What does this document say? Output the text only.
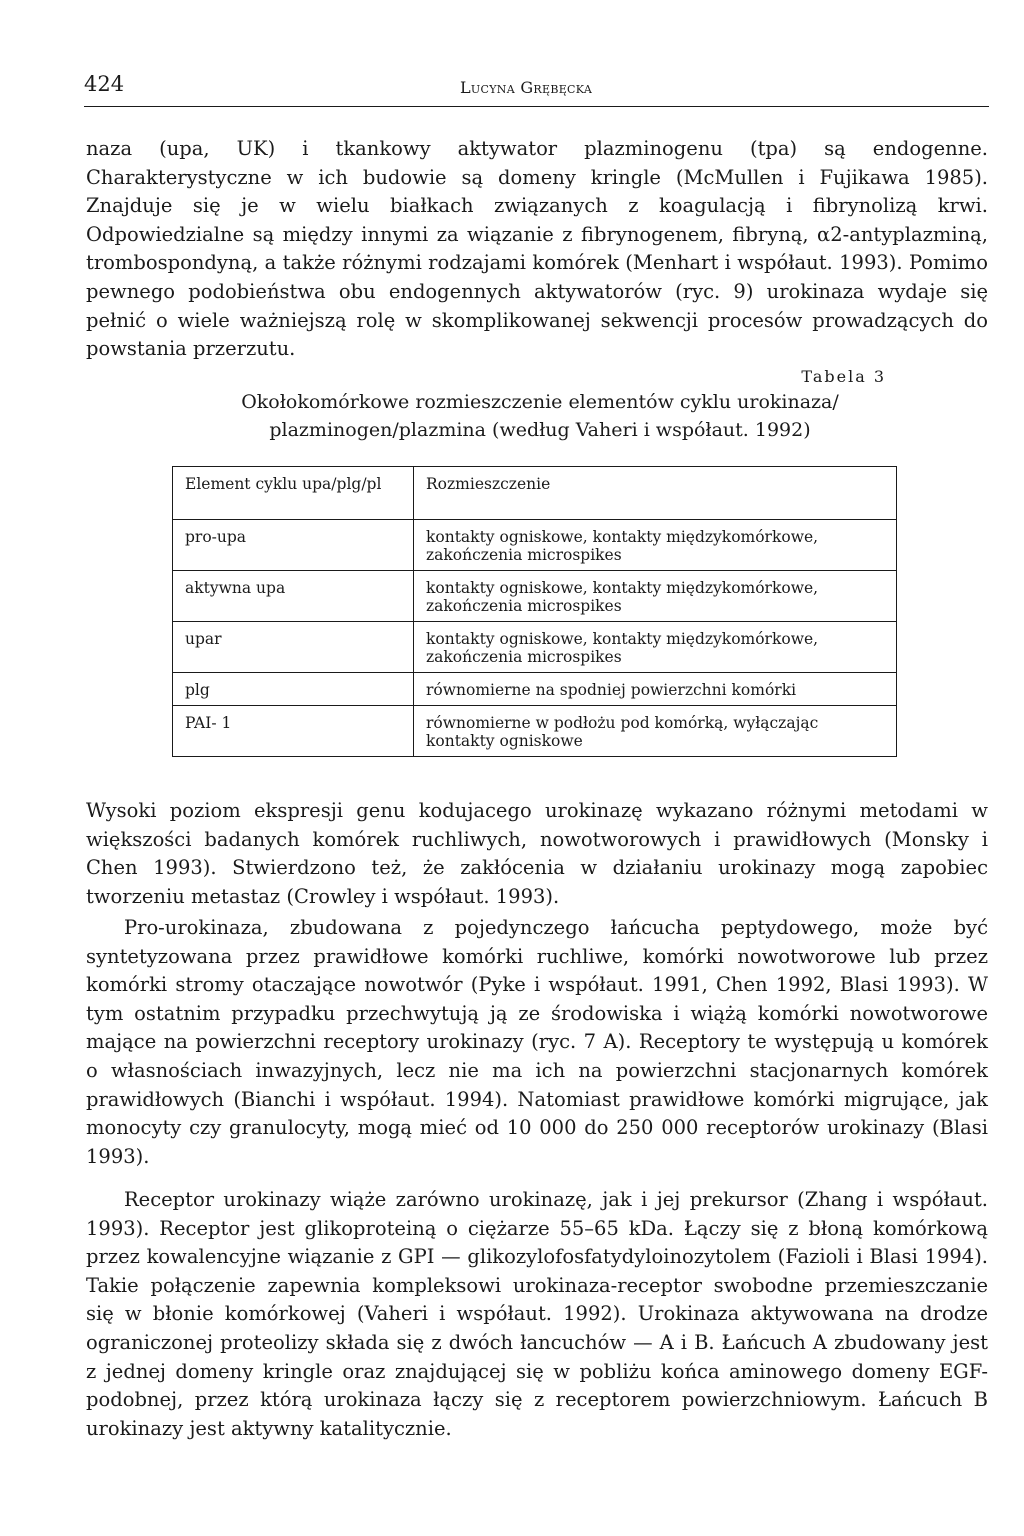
424	Lucyna Grębęcka

naza (upa, UK) i tkankowy aktywator plazminogenu (tpa) są endogenne. Charakterystyczne w ich budowie są domeny kringle (McMullen i Fujikawa 1985). Znajduje się je w wielu białkach związanych z koagulacją i fibrynolizą krwi. Odpowiedzialne są między innymi za wiązanie z fibrynogenem, fibryną, α2-antyplazminą, trombospondyną, a także różnymi rodzajami komórek (Menhart i współaut. 1993). Pomimo pewnego podobieństwa obu endogennych aktywatorów (ryc. 9) urokinaza wydaje się pełnić o wiele ważniejszą rolę w skomplikowanej sekwencji procesów prowadzących do powstania przerzutu.

Tabela 3

Okołokomórkowe rozmieszczenie elementów cyklu urokinaza/
plazminogen/plazmina (według Vaheri i współaut. 1992)

Element cyklu upa/plg/pl	Rozmieszczenie
pro-upa	kontakty ogniskowe, kontakty międzykomórkowe, zakończenia microspikes
aktywna upa	kontakty ogniskowe, kontakty międzykomórkowe, zakończenia microspikes
upar	kontakty ogniskowe, kontakty międzykomórkowe, zakończenia microspikes
plg	równomierne na spodniej powierzchni komórki
PAI- 1	równomierne w podłożu pod komórką, wyłączając kontakty ogniskowe

Wysoki poziom ekspresji genu kodujacego urokinazę wykazano różnymi metodami w większości badanych komórek ruchliwych, nowotworowych i prawidłowych (Monsky i Chen 1993). Stwierdzono też, że zakłócenia w działaniu urokinazy mogą zapobiec tworzeniu metastaz (Crowley i współaut. 1993).

Pro-urokinaza, zbudowana z pojedynczego łańcucha peptydowego, może być syntetyzowana przez prawidłowe komórki ruchliwe, komórki nowotworowe lub przez komórki stromy otaczające nowotwór (Pyke i współaut. 1991, Chen 1992, Blasi 1993). W tym ostatnim przypadku przechwytują ją ze środowiska i wiążą komórki nowotworowe mające na powierzchni receptory urokinazy (ryc. 7 A). Receptory te występują u komórek o własnościach inwazyjnych, lecz nie ma ich na powierzchni stacjonarnych komórek prawidłowych (Bianchi i współaut. 1994). Natomiast prawidłowe komórki migrujące, jak monocyty czy granulocyty, mogą mieć od 10 000 do 250 000 receptorów urokinazy (Blasi 1993).

Receptor urokinazy wiąże zarówno urokinazę, jak i jej prekursor (Zhang i współaut. 1993). Receptor jest glikoproteiną o ciężarze 55–65 kDa. Łączy się z błoną komórkową przez kowalencyjne wiązanie z GPI — glikozylofosfatydyloinozytolem (Fazioli i Blasi 1994). Takie połączenie zapewnia kompleksowi urokinaza-receptor swobodne przemieszczanie się w błonie komórkowej (Vaheri i współaut. 1992). Urokinaza aktywowana na drodze ograniczonej proteolizy składa się z dwóch łancuchów — A i B. Łańcuch A zbudowany jest z jednej domeny kringle oraz znajdującej się w pobliżu końca aminowego domeny EGF-podobnej, przez którą urokinaza łączy się z receptorem powierzchniowym. Łańcuch B urokinazy jest aktywny katalitycznie.
